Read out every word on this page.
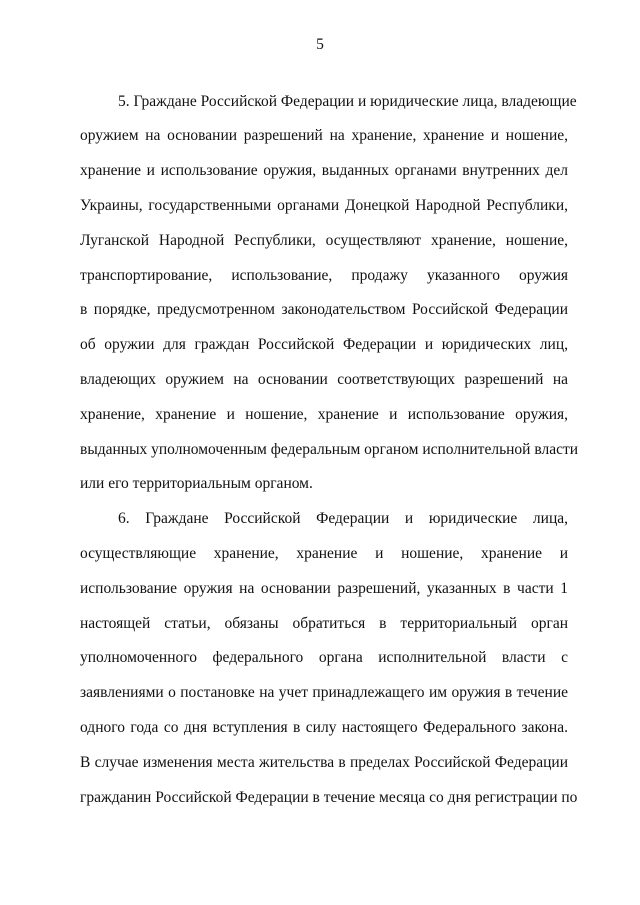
5
5. Граждане Российской Федерации и юридические лица, владеющие
оружием на основании разрешений на хранение, хранение и ношение,
хранение и использование оружия, выданных органами внутренних дел
Украины, государственными органами Донецкой Народной Республики,
Луганской Народной Республики, осуществляют хранение, ношение,
транспортирование, использование, продажу указанного оружия
в порядке, предусмотренном законодательством Российской Федерации
об оружии для граждан Российской Федерации и юридических лиц,
владеющих оружием на основании соответствующих разрешений на
хранение, хранение и ношение, хранение и использование оружия,
выданных уполномоченным федеральным органом исполнительной власти
или его территориальным органом.
6. Граждане Российской Федерации и юридические лица,
осуществляющие хранение, хранение и ношение, хранение и
использование оружия на основании разрешений, указанных в части 1
настоящей статьи, обязаны обратиться в территориальный орган
уполномоченного федерального органа исполнительной власти с
заявлениями о постановке на учет принадлежащего им оружия в течение
одного года со дня вступления в силу настоящего Федерального закона.
В случае изменения места жительства в пределах Российской Федерации
гражданин Российской Федерации в течение месяца со дня регистрации по
